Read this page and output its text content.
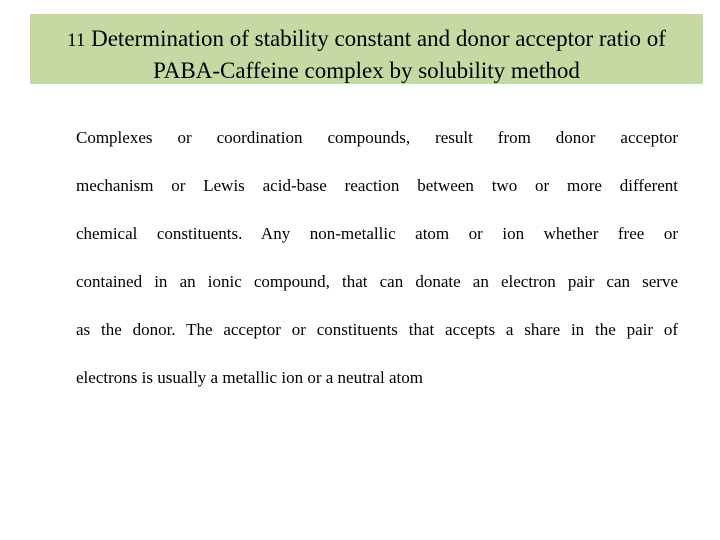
11 Determination of stability constant and donor acceptor ratio of
PABA-Caffeine complex by solubility method
Complexes or coordination compounds, result from donor acceptor
mechanism or Lewis acid-base reaction between two or more different
chemical constituents. Any non-metallic atom or ion whether free or
contained in an ionic compound, that can donate an electron pair can serve
as the donor. The acceptor or constituents that accepts a share in the pair of
electrons is usually a metallic ion or a neutral atom
